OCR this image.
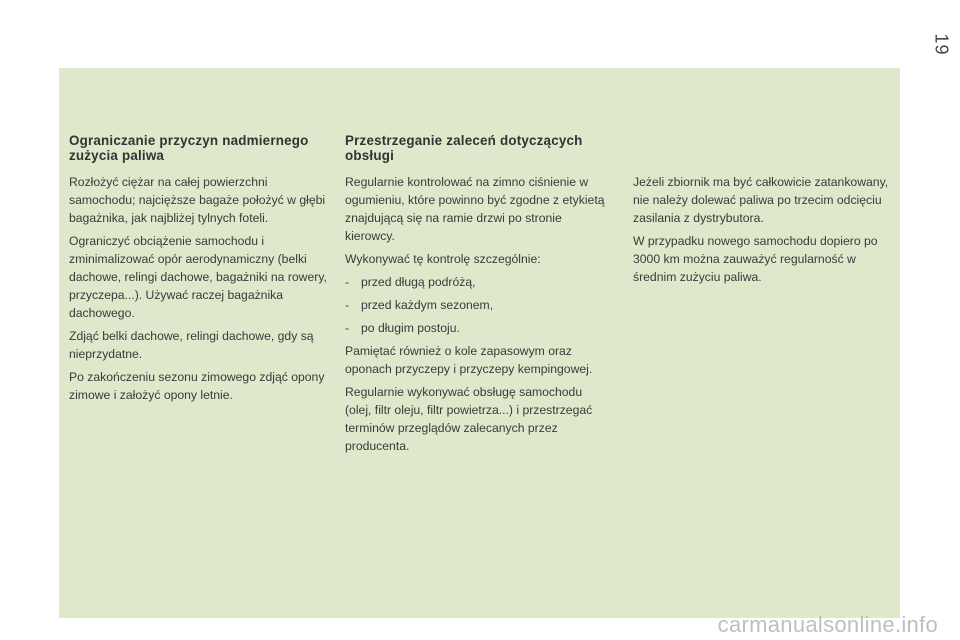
19
Ograniczanie przyczyn nadmiernego zużycia paliwa

Rozłożyć ciężar na całej powierzchni samochodu; najcięższe bagaże położyć w głębi bagażnika, jak najbliżej tylnych foteli.

Ograniczyć obciążenie samochodu i zminimalizować opór aerodynamiczny (belki dachowe, relingi dachowe, bagażniki na rowery, przyczepa...). Używać raczej bagażnika dachowego.

Zdjąć belki dachowe, relingi dachowe, gdy są nieprzydatne.

Po zakończeniu sezonu zimowego zdjąć opony zimowe i założyć opony letnie.

Przestrzeganie zaleceń dotyczących obsługi

Regularnie kontrolować na zimno ciśnienie w ogumieniu, które powinno być zgodne z etykietą znajdującą się na ramie drzwi po stronie kierowcy.

Wykonywać tę kontrolę szczególnie:

- przed długą podróżą,
- przed każdym sezonem,
- po długim postoju.

Pamiętać również o kole zapasowym oraz oponach przyczepy i przyczepy kempingowej.

Regularnie wykonywać obsługę samochodu (olej, filtr oleju, filtr powietrza...) i przestrzegać terminów przeglądów zalecanych przez producenta.

Jeżeli zbiornik ma być całkowicie zatankowany, nie należy dolewać paliwa po trzecim odcięciu zasilania z dystrybutora.

W przypadku nowego samochodu dopiero po 3000 km można zauważyć regularność w średnim zużyciu paliwa.

carmanualsonline.info
